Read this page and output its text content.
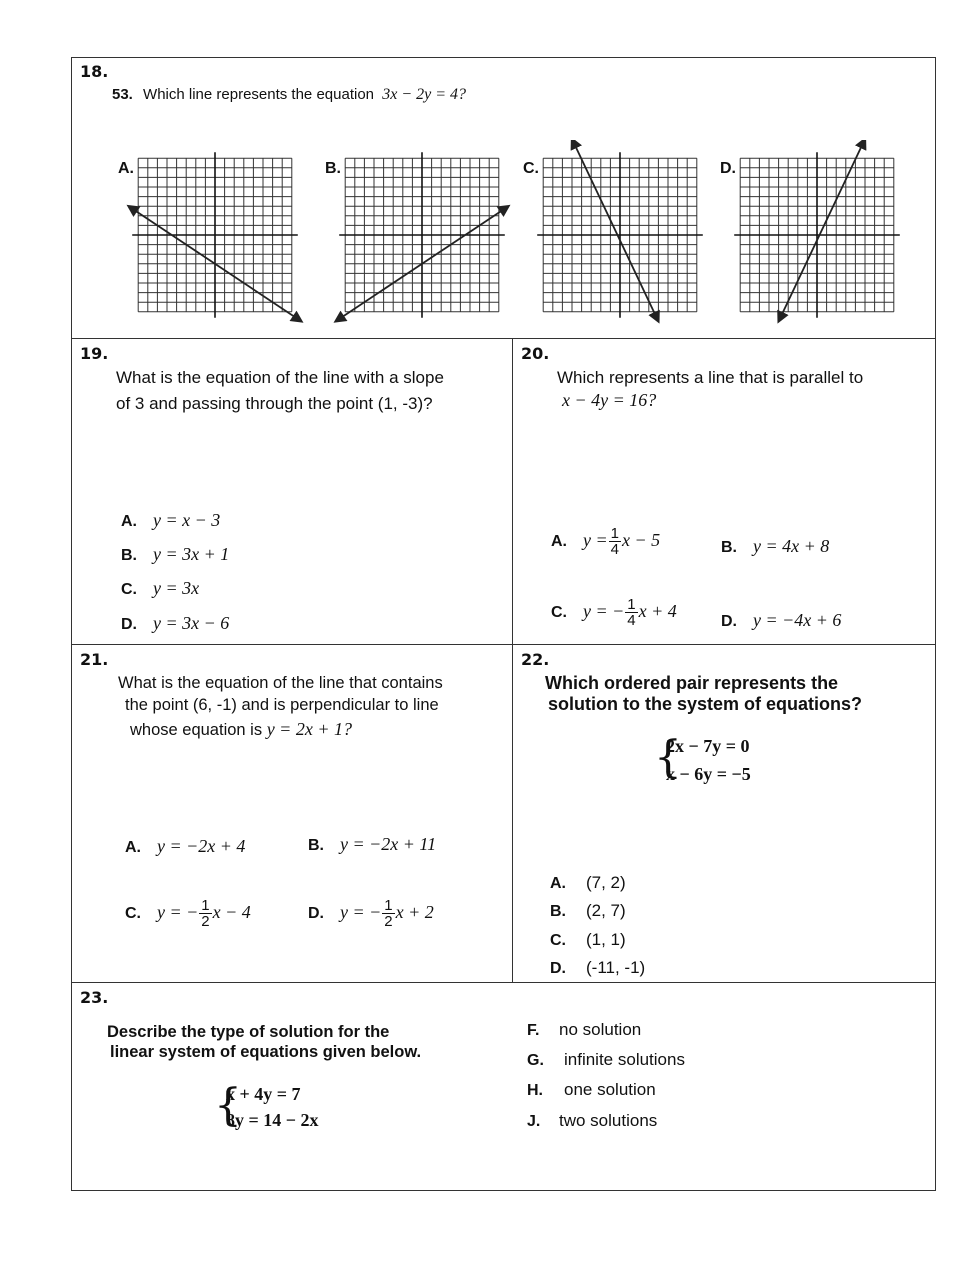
18.
53. Which line represents the equation 3x − 2y = 4?
A.	B.	C.	D.
19.
What is the equation of the line with a slope
of 3 and passing through the point (1, -3)?
A. y = x − 3
B. y = 3x + 1
C. y = 3x
D. y = 3x − 6
20.
Which represents a line that is parallel to
x − 4y = 16?
A. $y = \frac{1}{4}$ x − 5	B. y = 4x + 8
C. y = − $\frac{1}{4}$ x + 4
D. y = −4x + 6
21.
What is the equation of the line that contains
the point (6, -1) and is perpendicular to line
whose equation is y = 2x + 1?
A. y = −2x + 4	B. y = −2x + 11
C. y = − $\frac{1}{2}$ x − 4	D. y = − $\frac{1}{2}$ x + 2
22.
Which ordered pair represents the
solution to the system of equations?
{
2x − 7y = 0
x − 6y = −5
A. (7, 2)
B. (2, 7)
C. (1, 1)
D. (-11, -1)
23.
Describe the type of solution for the
linear system of equations given below.
{
x + 4y = 7
8y = 14 − 2x
F. no solution
G. infinite solutions
H. one solution
J. two solutions
